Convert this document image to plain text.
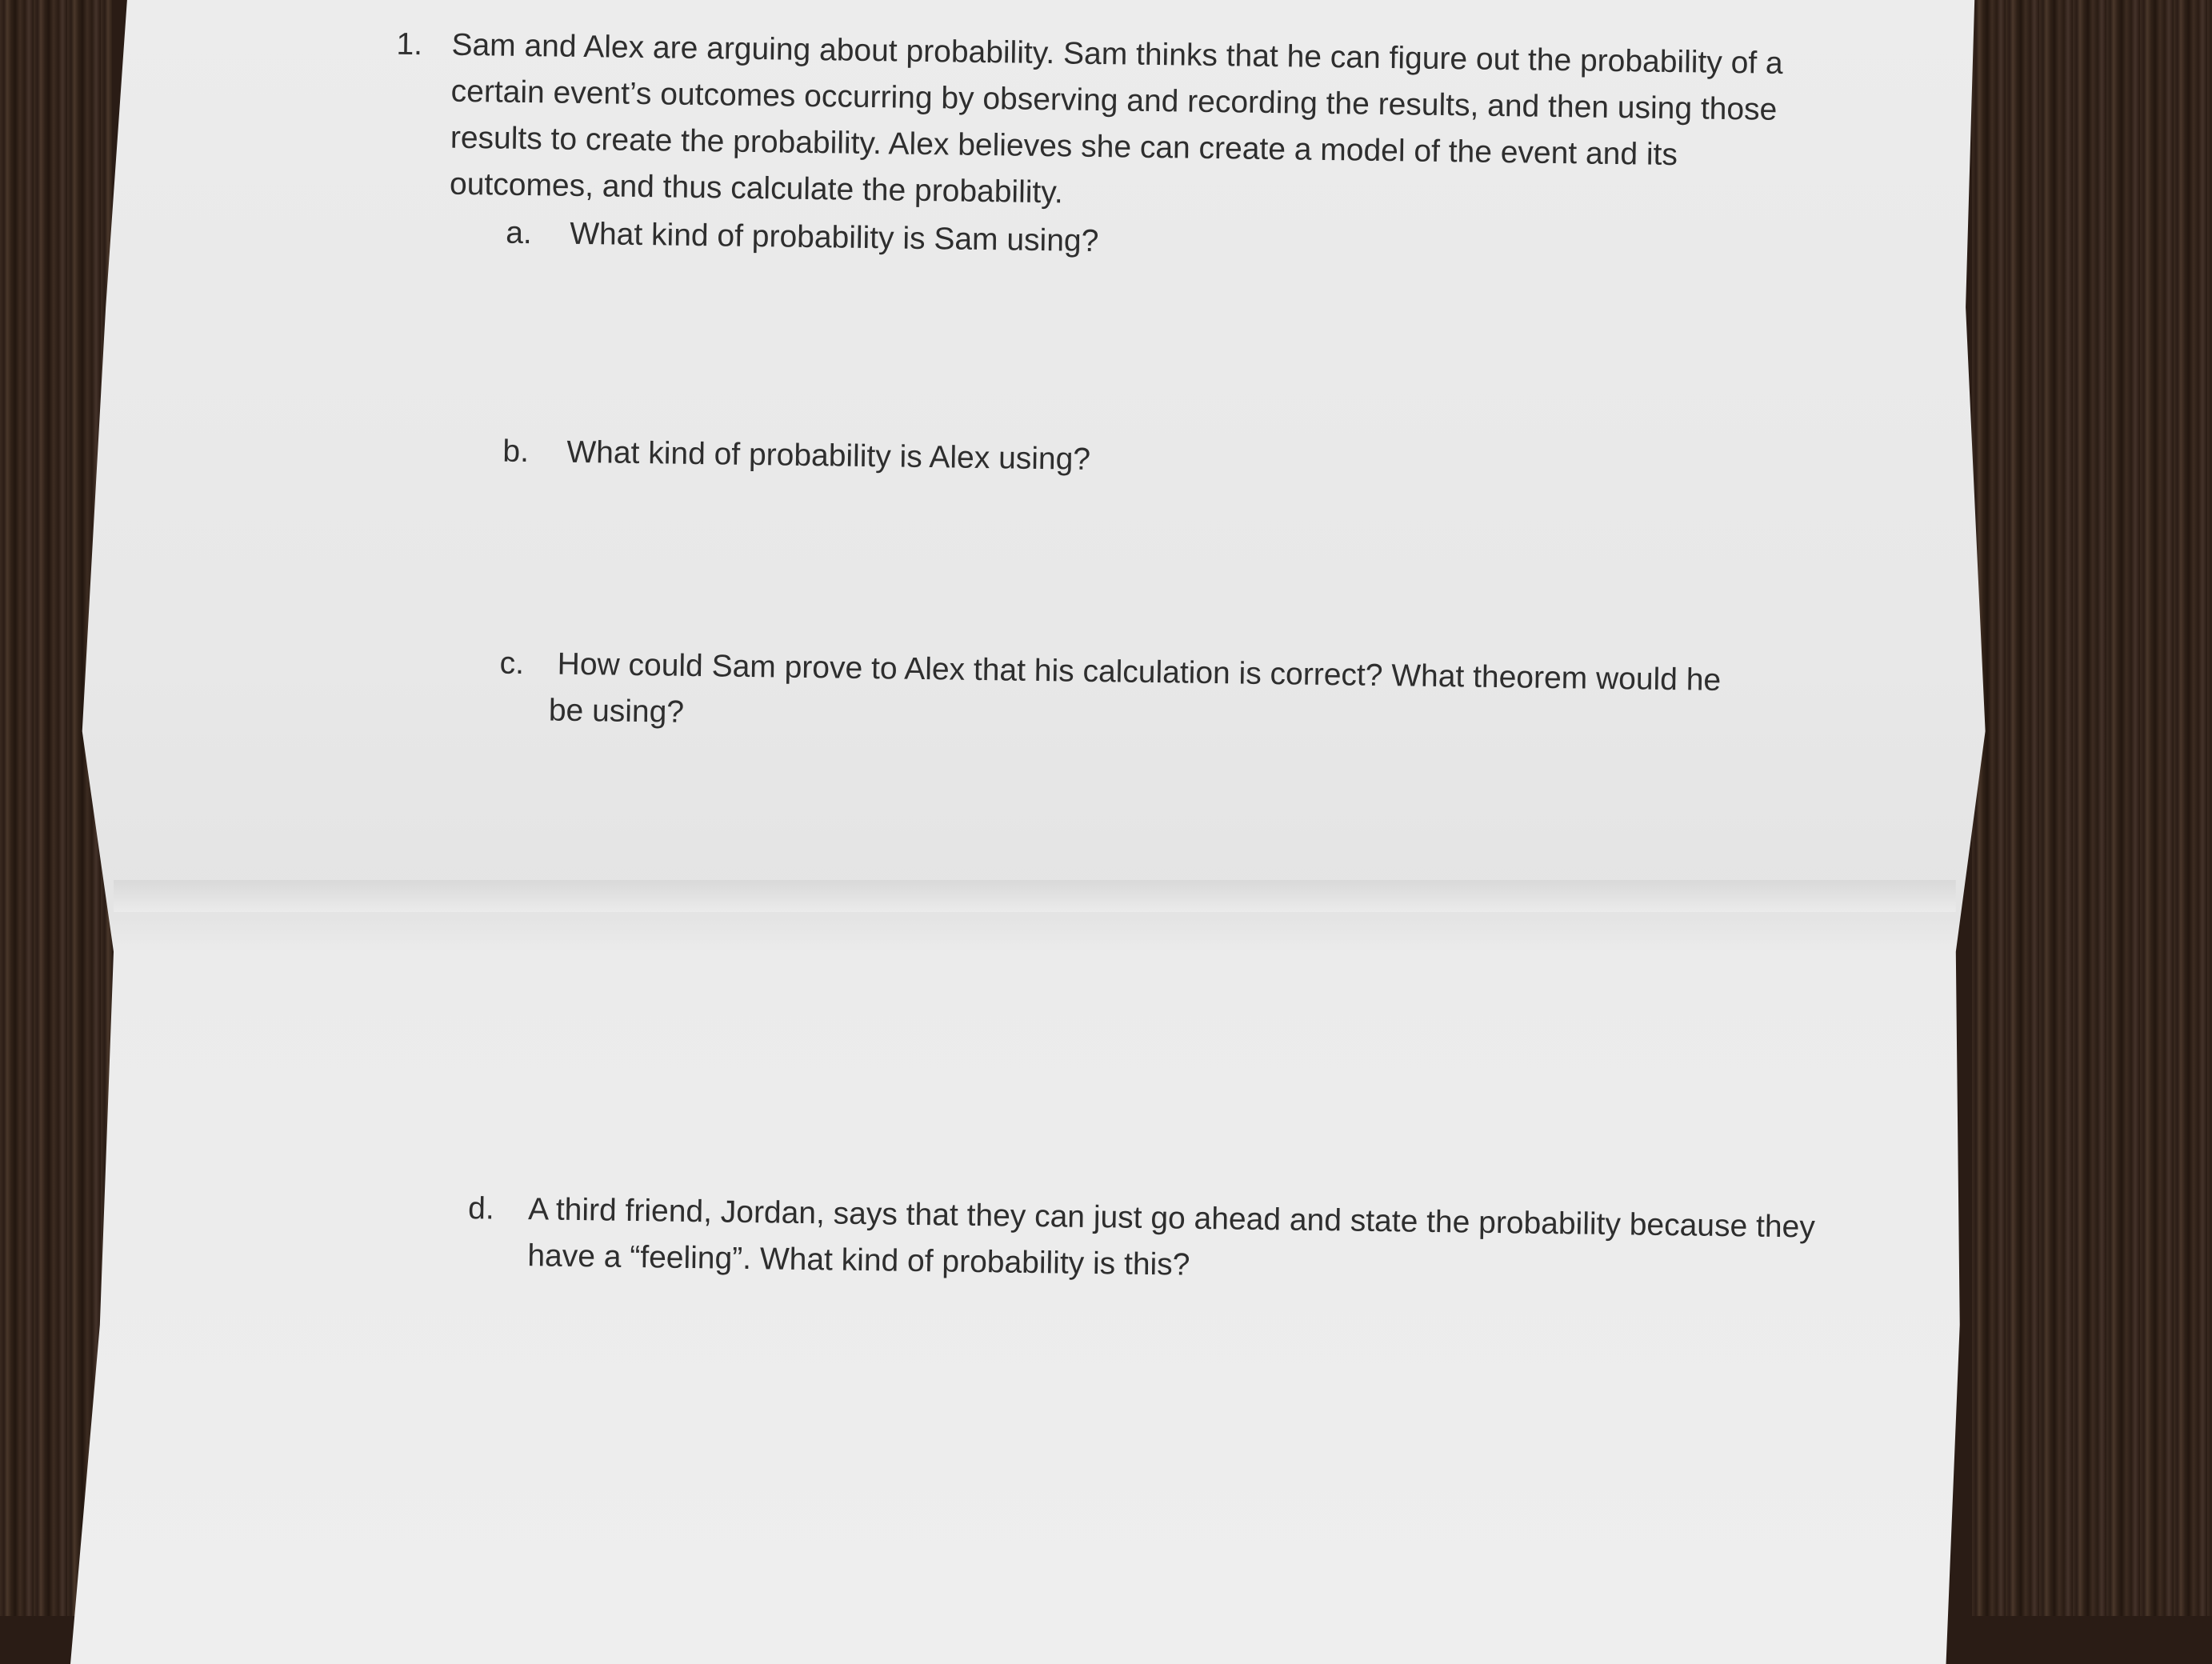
1. Sam and Alex are arguing about probability. Sam thinks that he can figure out the probability of a certain event’s outcomes occurring by observing and recording the results, and then using those results to create the probability. Alex believes she can create a model of the event and its outcomes, and thus calculate the probability.
a.	What kind of probability is Sam using?
b.	What kind of probability is Alex using?
c.	How could Sam prove to Alex that his calculation is correct? What theorem would he
be using?
d.	A third friend, Jordan, says that they can just go ahead and state the probability because they have a “feeling”. What kind of probability is this?
